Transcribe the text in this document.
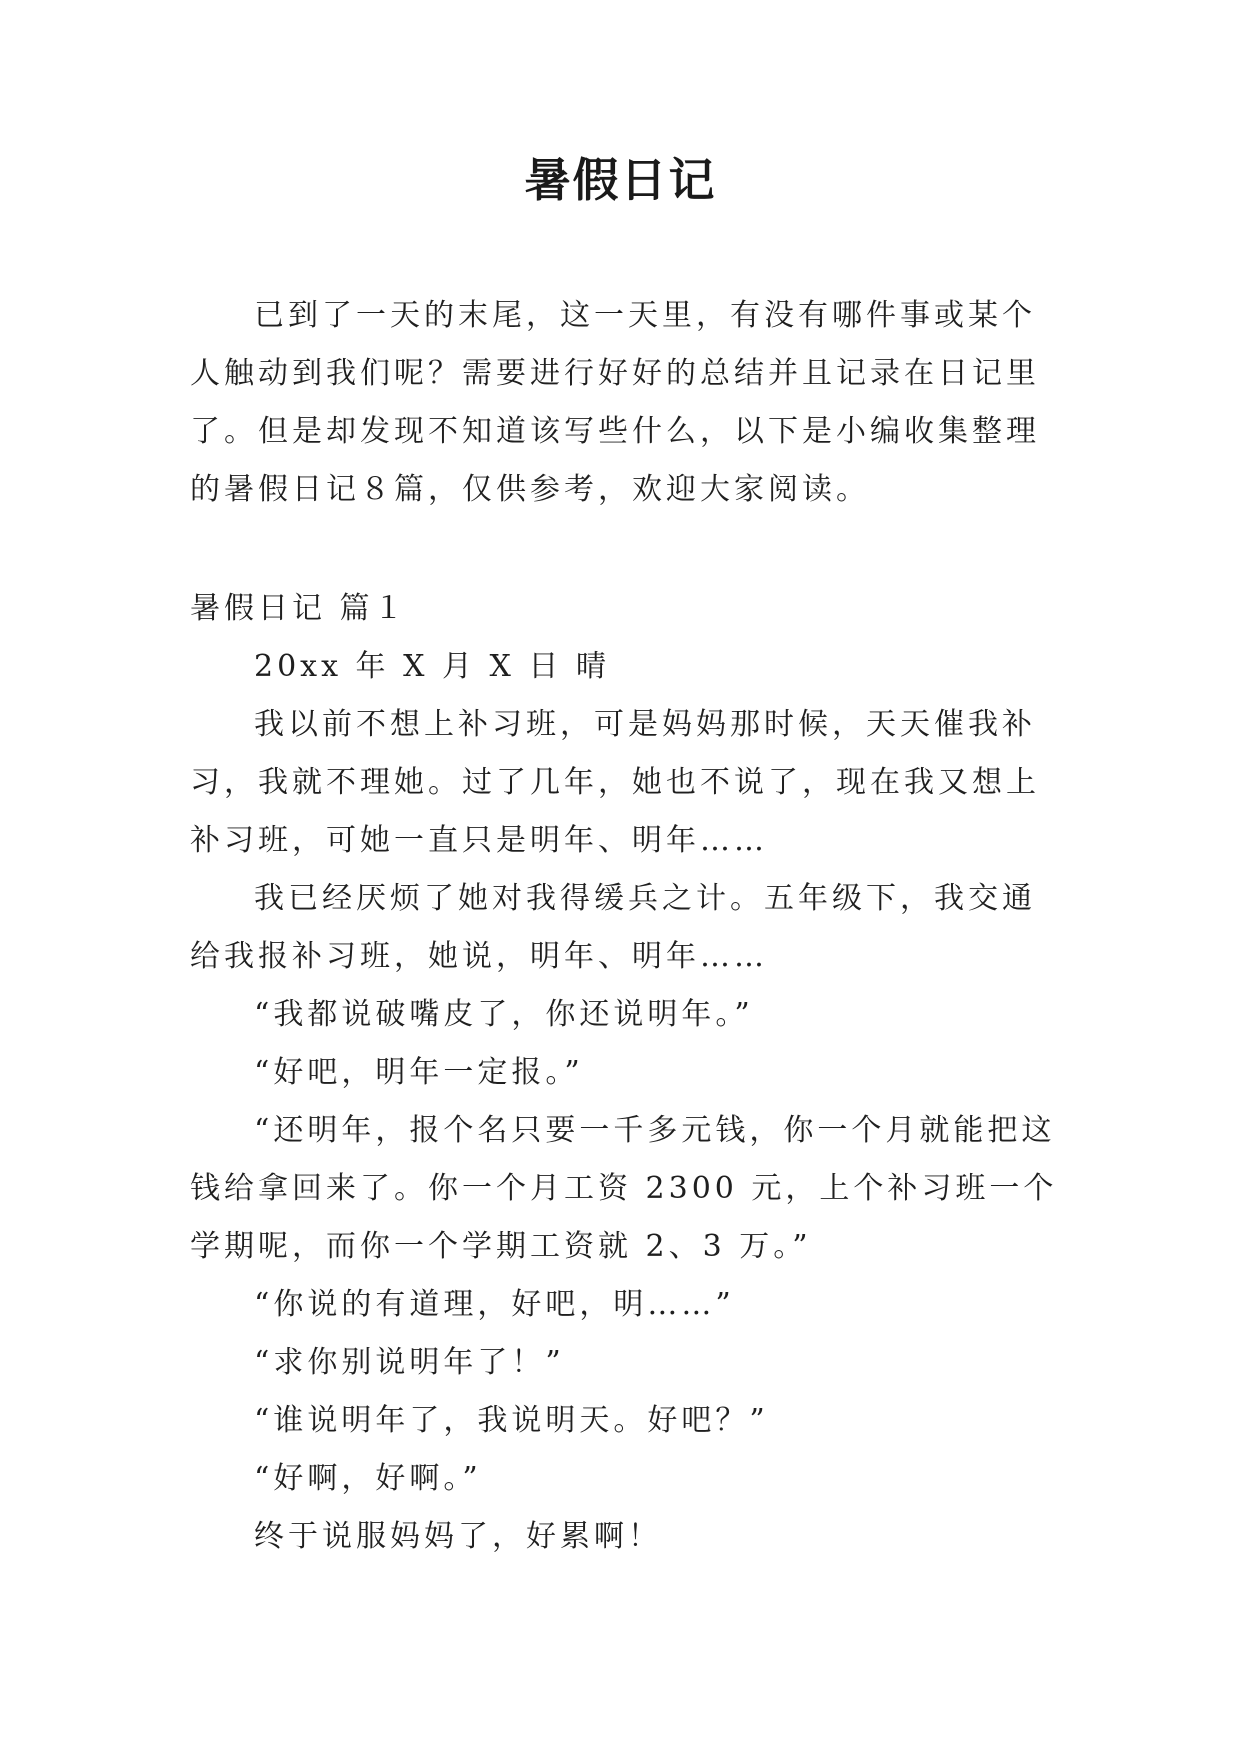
暑假日记

已到了一天的末尾，这一天里，有没有哪件事或某个人触动到我们呢？需要进行好好的总结并且记录在日记里了。但是却发现不知道该写些什么，以下是小编收集整理的暑假日记８篇，仅供参考，欢迎大家阅读。

暑假日记 篇１

20xx 年 X 月 X 日 晴

我以前不想上补习班，可是妈妈那时候，天天催我补习，我就不理她。过了几年，她也不说了，现在我又想上补习班，可她一直只是明年、明年……

我已经厌烦了她对我得缓兵之计。五年级下，我交通给我报补习班，她说，明年、明年……

“我都说破嘴皮了，你还说明年。”

“好吧，明年一定报。”

“还明年，报个名只要一千多元钱，你一个月就能把这钱给拿回来了。你一个月工资 2300 元，上个补习班一个学期呢，而你一个学期工资就 2、3 万。”

“你说的有道理，好吧，明……”

“求你别说明年了！”

“谁说明年了，我说明天。好吧？”

“好啊，好啊。”

终于说服妈妈了，好累啊！
